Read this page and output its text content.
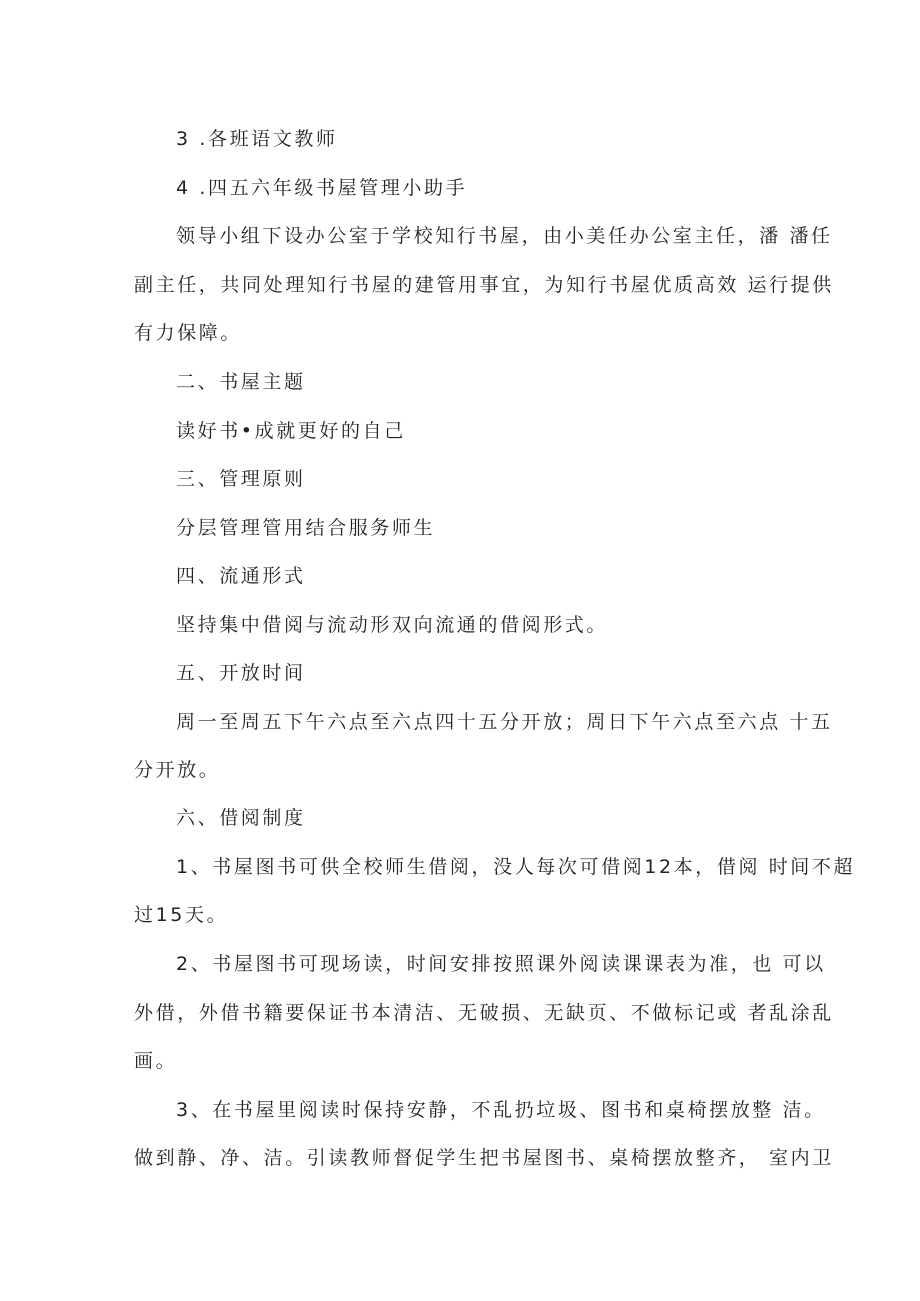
3 .各班语文教师
4 .四五六年级书屋管理小助手
领导小组下设办公室于学校知行书屋，由小美任办公室主任，潘 潘任
副主任，共同处理知行书屋的建管用事宜，为知行书屋优质高效 运行提供
有力保障。
二、书屋主题
读好书•成就更好的自己
三、管理原则
分层管理管用结合服务师生
四、流通形式
坚持集中借阅与流动形双向流通的借阅形式。
五、开放时间
周一至周五下午六点至六点四十五分开放；周日下午六点至六点 十五
分开放。
六、借阅制度
1、书屋图书可供全校师生借阅，没人每次可借阅12本，借阅 时间不超
过15天。
2、书屋图书可现场读，时间安排按照课外阅读课课表为准，也 可以
外借，外借书籍要保证书本清洁、无破损、无缺页、不做标记或 者乱涂乱
画。
3、在书屋里阅读时保持安静，不乱扔垃圾、图书和桌椅摆放整 洁。
做到静、净、洁。引读教师督促学生把书屋图书、桌椅摆放整齐， 室内卫
